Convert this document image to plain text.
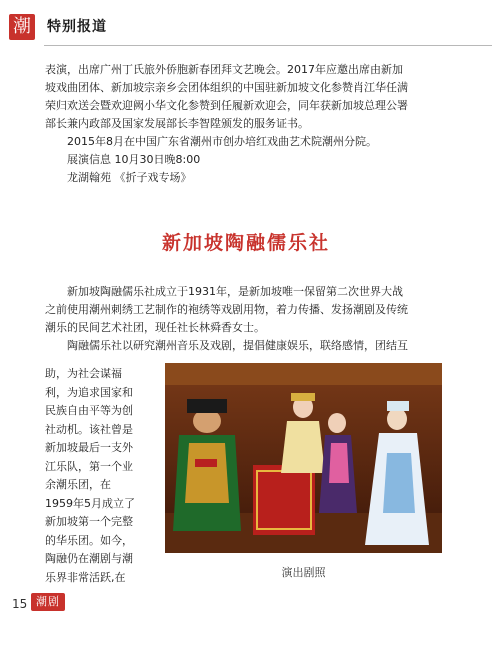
潮 特别报道

表演，出席广州丁氏旅外侨胞新春团拜文艺晚会。2017年应邀出席由新加

坡戏曲团体、新加坡宗亲乡会团体组织的中国驻新加坡文化参赞肖江华任满

荣归欢送会暨欢迎阙小华文化参赞到任履新欢迎会，同年获新加坡总理公署

部长兼内政部及国家发展部长李智陞颁发的服务证书。

2015年8月在中国广东省潮州市创办培红戏曲艺术院潮州分院。

展演信息 10月30日晚8:00

龙湖翰苑 《折子戏专场》

新加坡陶融儒乐社

新加坡陶融儒乐社成立于1931年，是新加坡唯一保留第二次世界大战

之前使用潮州刺绣工艺制作的袍绣等戏剧用物，着力传播、发扬潮剧及传统

潮乐的民间艺术社团，现任社长林舜香女士。

陶融儒乐社以研究潮州音乐及戏剧，提倡健康娱乐，联络感情，团结互

助，为社会谋福

利，为追求国家和

民族自由平等为创

社动机。该社曾是

新加坡最后一支外

江乐队，第一个业

余潮乐团，在

1959年5月成立了

新加坡第一个完整

的华乐团。如今，

陶融仍在潮剧与潮

乐界非常活跃,在	演出剧照
15 潮剧
